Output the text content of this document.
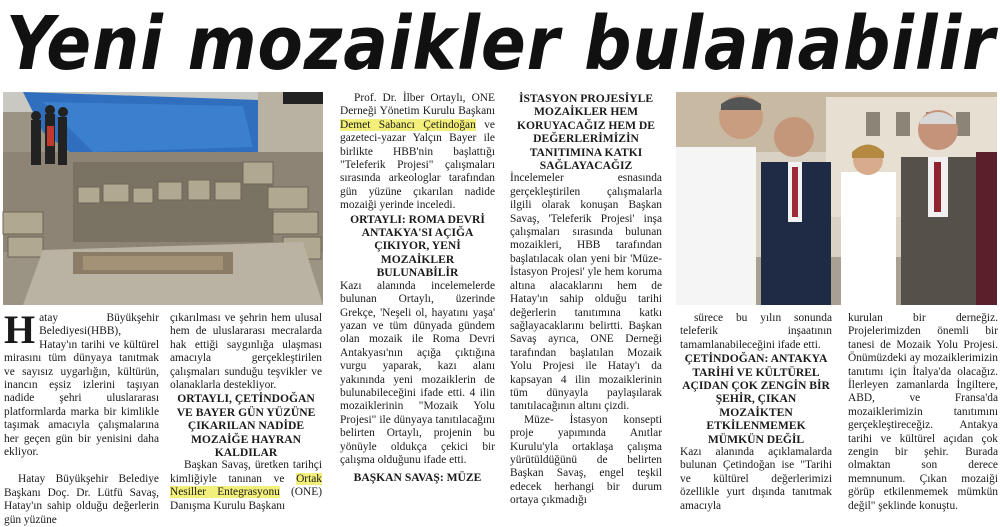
Yeni mozaikler bulanabilir
H atay Büyükşehir Belediyesi(HBB), Hatay'ın tarihi ve kültürel mirasını tüm dünyaya tanıtmak ve sayısız uygarlığın, kültürün, inancın eşsiz izlerini taşıyan nadide şehri uluslararası platformlarda marka bir kimlikle taşımak amacıyla çalışmalarına her geçen gün bir yenisini daha ekliyor.

Hatay Büyükşehir Belediye Başkanı Doç. Dr. Lütfü Savaş, Hatay'ın sahip olduğu değerlerin gün yüzüne

çıkarılması ve şehrin hem ulusal hem de uluslararası mecralarda hak ettiği saygınlığa ulaşması amacıyla gerçekleştirilen çalışmaları sunduğu teşvikler ve olanaklarla destekliyor.

ORTAYLI, ÇETİNDOĞAN VE BAYER GÜN YÜZÜNE ÇIKARILAN NADİDE MOZAİĞE HAYRAN KALDILAR

Başkan Savaş, üretken tarihçi kimliğiyle tanınan ve Ortak Nesiller Entegrasyonu (ONE) Danışma Kurulu Başkanı

Prof. Dr. İlber Ortaylı, ONE Derneği Yönetim Kurulu Başkanı Demet Sabancı Çetindoğan ve gazeteci-yazar Yalçın Bayer ile birlikte HBB'nin başlattığı "Teleferik Projesi" çalışmaları sırasında arkeologlar tarafından gün yüzüne çıkarılan nadide mozaiği yerinde inceledi.

ORTAYLI: ROMA DEVRİ ANTAKYA'SI AÇIĞA ÇIKIYOR, YENİ MOZAİKLER BULUNABİLİR

Kazı alanında incelemelerde bulunan Ortaylı, üzerinde Grekçe, 'Neşeli ol, hayatını yaşa' yazan ve tüm dünyada gündem olan mozaik ile Roma Devri Antakyası'nın açığa çıktığına vurgu yaparak, kazı alanı yakınında yeni mozaiklerin de bulunabileceğini ifade etti. 4 ilin mozaiklerinin "Mozaik Yolu Projesi" ile dünyaya tanıtılacağını belirten Ortaylı, projenin bu yönüyle oldukça çekici bir çalışma olduğunu ifade etti.

BAŞKAN SAVAŞ: MÜZE

İSTASYON PROJESİYLE MOZAİKLER HEM KORUYACAĞIZ HEM DE DEĞERLERİMİZİN TANITIMINA KATKI SAĞLAYACAĞIZ

İncelemeler esnasında gerçekleştirilen çalışmalarla ilgili olarak konuşan Başkan Savaş, 'Teleferik Projesi' inşa çalışmaları sırasında bulunan mozaikleri, HBB tarafından başlatılacak olan yeni bir 'Müze-İstasyon Projesi' yle hem koruma altına alacaklarını hem de Hatay'ın sahip olduğu tarihi değerlerin tanıtımına katkı sağlayacaklarını belirtti. Başkan Savaş ayrıca, ONE Derneği tarafından başlatılan Mozaik Yolu Projesi ile Hatay'ı da kapsayan 4 ilin mozaiklerinin tüm dünyayla paylaşılarak tanıtılacağının altını çizdi.

Müze- İstasyon konsepti proje yapımında Anıtlar Kurulu'yla ortaklaşa çalışma yürütüldüğünü de belirten Başkan Savaş, engel teşkil edecek herhangi bir durum ortaya çıkmadığı

sürece bu yılın sonunda teleferik inşaatının tamamlanabileceğini ifade etti.

ÇETİNDOĞAN: ANTAKYA TARİHİ VE KÜLTÜREL AÇIDAN ÇOK ZENGİN BİR ŞEHİR, ÇIKAN MOZAİKTEN ETKİLENMEMEK MÜMKÜN DEĞİL

Kazı alanında açıklamalarda bulunan Çetindoğan ise "Tarihi ve kültürel değerlerimizi özellikle yurt dışında tanıtmak amacıyla

kurulan bir derneğiz. Projelerimizden önemli bir tanesi de Mozaik Yolu Projesi. Önümüzdeki ay mozaiklerimizin tanıtımı için İtalya'da olacağız. İlerleyen zamanlarda İngiltere, ABD, ve Fransa'da mozaiklerimizin tanıtımını gerçekleştireceğiz. Antakya tarihi ve kültürel açıdan çok zengin bir şehir. Burada olmaktan son derece memnunum. Çıkan mozaiği görüp etkilenmemek mümkün değil" şeklinde konuştu.
